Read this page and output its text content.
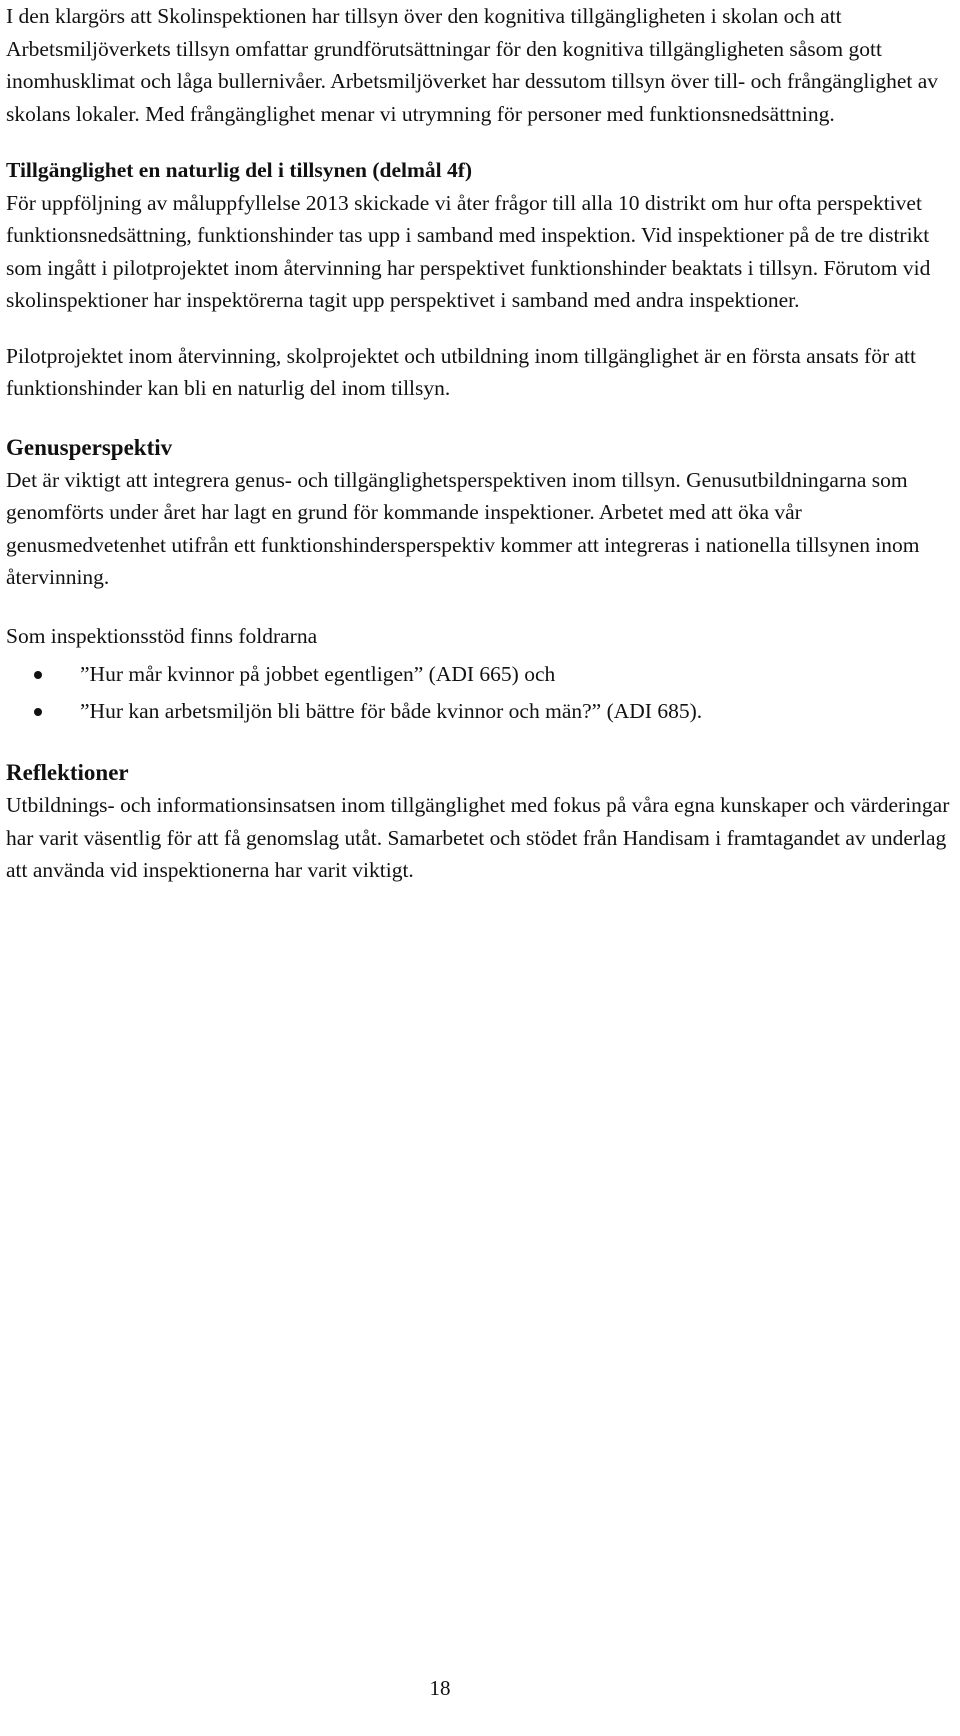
I den klargörs att Skolinspektionen har tillsyn över den kognitiva tillgängligheten i skolan och att Arbetsmiljöverkets tillsyn omfattar grundförutsättningar för den kognitiva tillgängligheten såsom gott inomhusklimat och låga bullernivåer. Arbetsmiljöverket har dessutom tillsyn över till- och frångänglighet av skolans lokaler. Med frångänglighet menar vi utrymning för personer med funktionsnedsättning.

Tillgänglighet en naturlig del i tillsynen (delmål 4f)

För uppföljning av måluppfyllelse 2013 skickade vi åter frågor till alla 10 distrikt om hur ofta perspektivet funktionsnedsättning, funktionshinder tas upp i samband med inspektion. Vid inspektioner på de tre distrikt som ingått i pilotprojektet inom återvinning har perspektivet funktionshinder beaktats i tillsyn. Förutom vid skolinspektioner har inspektörerna tagit upp perspektivet i samband med andra inspektioner.

Pilotprojektet inom återvinning, skolprojektet och utbildning inom tillgänglighet är en första ansats för att funktionshinder kan bli en naturlig del inom tillsyn.

Genusperspektiv

Det är viktigt att integrera genus- och tillgänglighetsperspektiven inom tillsyn. Genusutbildningarna som genomförts under året har lagt en grund för kommande inspektioner. Arbetet med att öka vår genusmedvetenhet utifrån ett funktionshindersperspektiv kommer att integreras i nationella tillsynen inom återvinning.

Som inspektionsstöd finns foldrarna

”Hur mår kvinnor på jobbet egentligen” (ADI 665) och
”Hur kan arbetsmiljön bli bättre för både kvinnor och män?” (ADI 685).

Reflektioner

Utbildnings- och informationsinsatsen inom tillgänglighet med fokus på våra egna kunskaper och värderingar har varit väsentlig för att få genomslag utåt. Samarbetet och stödet från Handisam i framtagandet av underlag att använda vid inspektionerna har varit viktigt.

18
